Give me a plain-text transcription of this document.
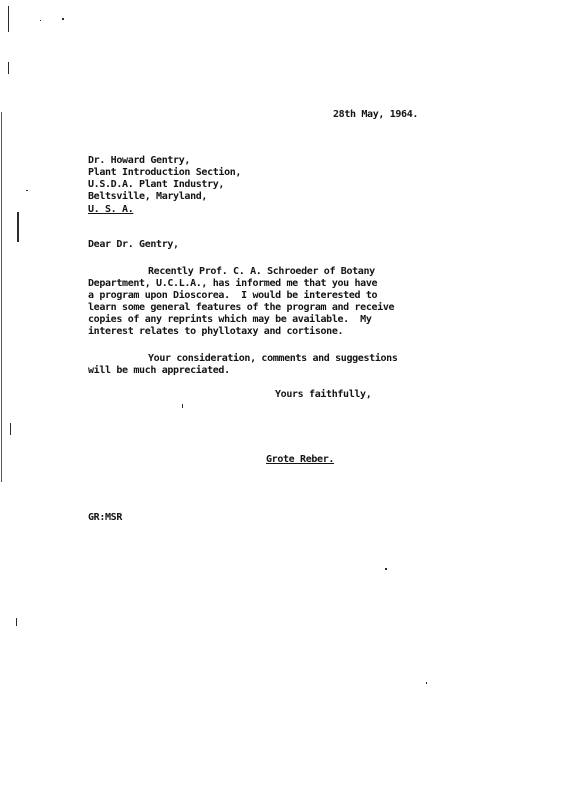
28th May, 1964.
Dr. Howard Gentry,
Plant Introduction Section,
U.S.D.A. Plant Industry,
Beltsville, Maryland,
U. S. A.
Dear Dr. Gentry,
Recently Prof. C. A. Schroeder of Botany
Department, U.C.L.A., has informed me that you have
a program upon Dioscorea.  I would be interested to
learn some general features of the program and receive
copies of any reprints which may be available.  My
interest relates to phyllotaxy and cortisone.
Your consideration, comments and suggestions
will be much appreciated.
Yours faithfully,
Grote Reber.
GR:MSR
